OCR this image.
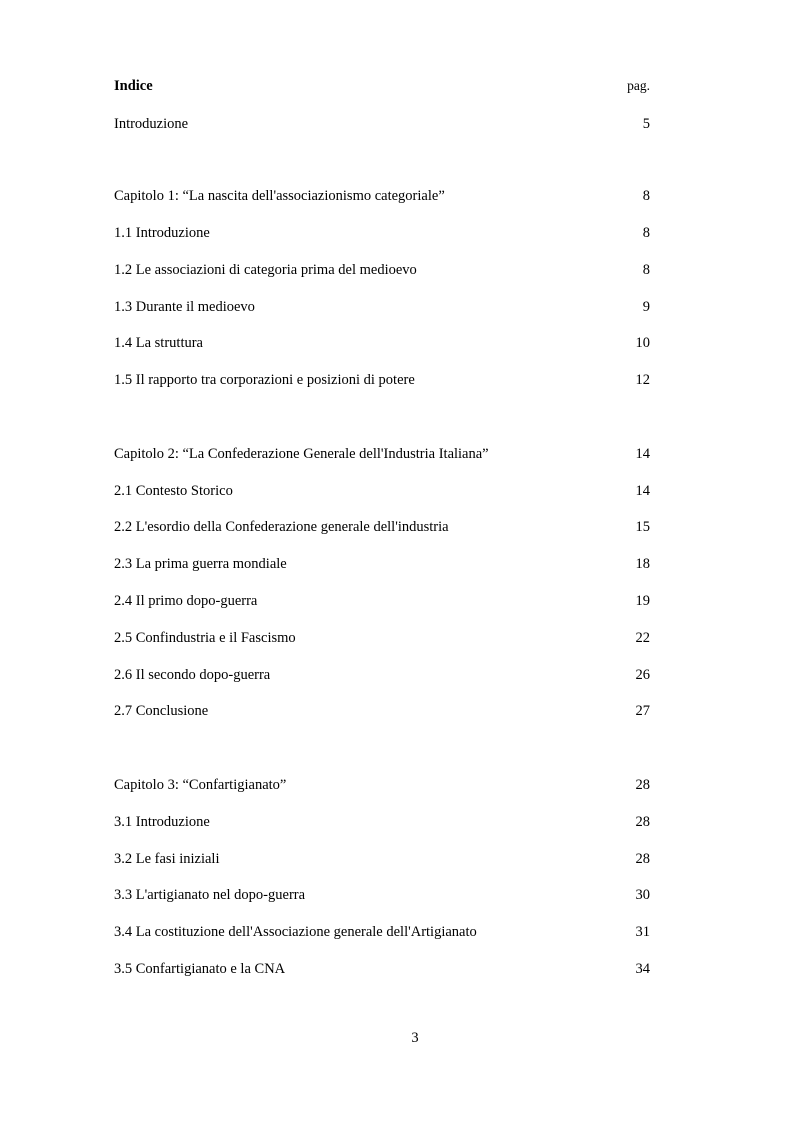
Indice	pag.
Introduzione	5
Capitolo 1: “La nascita dell'associazionismo categoriale”	8
1.1 Introduzione	8
1.2 Le associazioni di categoria prima del medioevo	8
1.3 Durante il medioevo	9
1.4 La struttura	10
1.5 Il rapporto tra corporazioni e posizioni di potere	12
Capitolo 2: “La Confederazione Generale dell'Industria Italiana”	14
2.1 Contesto Storico	14
2.2 L'esordio della Confederazione generale dell'industria	15
2.3 La prima guerra mondiale	18
2.4 Il primo dopo-guerra	19
2.5 Confindustria e il Fascismo	22
2.6 Il secondo dopo-guerra	26
2.7 Conclusione	27
Capitolo 3: “Confartigianato”	28
3.1 Introduzione	28
3.2 Le fasi iniziali	28
3.3 L'artigianato nel dopo-guerra	30
3.4 La costituzione dell'Associazione generale dell'Artigianato	31
3.5 Confartigianato e la CNA	34
3
